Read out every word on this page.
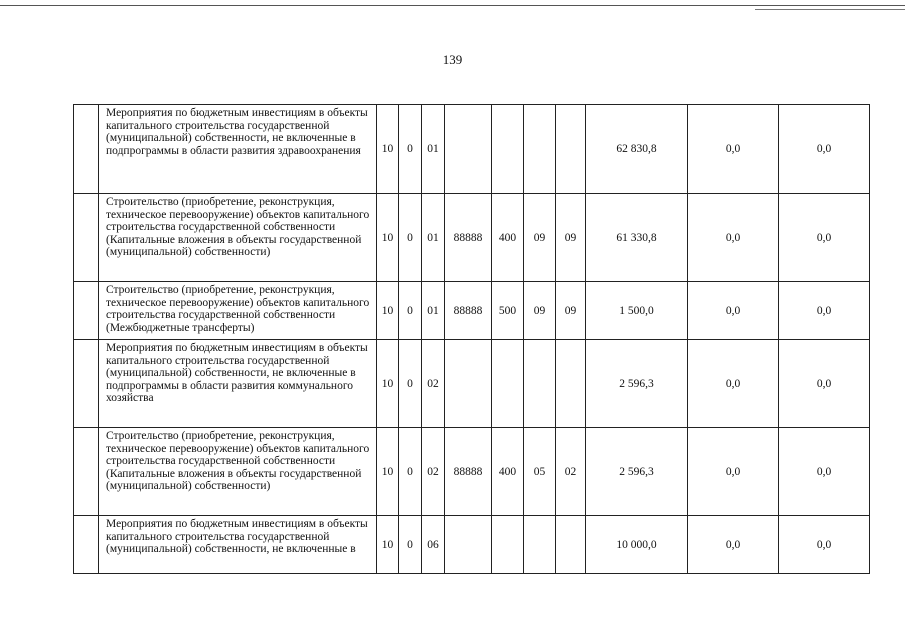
139
	Мероприятия по бюджетным инвестициям в объекты капитального строительства государственной (муниципальной) собственности, не включенные в подпрограммы в области развития здравоохранения	10	0	01					62 830,8	0,0	0,0
	Строительство (приобретение, реконструкция, техническое перевооружение) объектов капитального строительства государственной собственности (Капитальные вложения в объекты государственной (муниципальной) собственности)	10	0	01	88888	400	09	09	61 330,8	0,0	0,0
	Строительство (приобретение, реконструкция, техническое перевооружение) объектов капитального строительства государственной собственности (Межбюджетные трансферты)	10	0	01	88888	500	09	09	1 500,0	0,0	0,0
	Мероприятия по бюджетным инвестициям в объекты капитального строительства государственной (муниципальной) собственности, не включенные в подпрограммы в области развития коммунального хозяйства	10	0	02					2 596,3	0,0	0,0
	Строительство (приобретение, реконструкция, техническое перевооружение) объектов капитального строительства государственной собственности (Капитальные вложения в объекты государственной (муниципальной) собственности)	10	0	02	88888	400	05	02	2 596,3	0,0	0,0
	Мероприятия по бюджетным инвестициям в объекты капитального строительства государственной (муниципальной) собственности, не включенные в	10	0	06					10 000,0	0,0	0,0
